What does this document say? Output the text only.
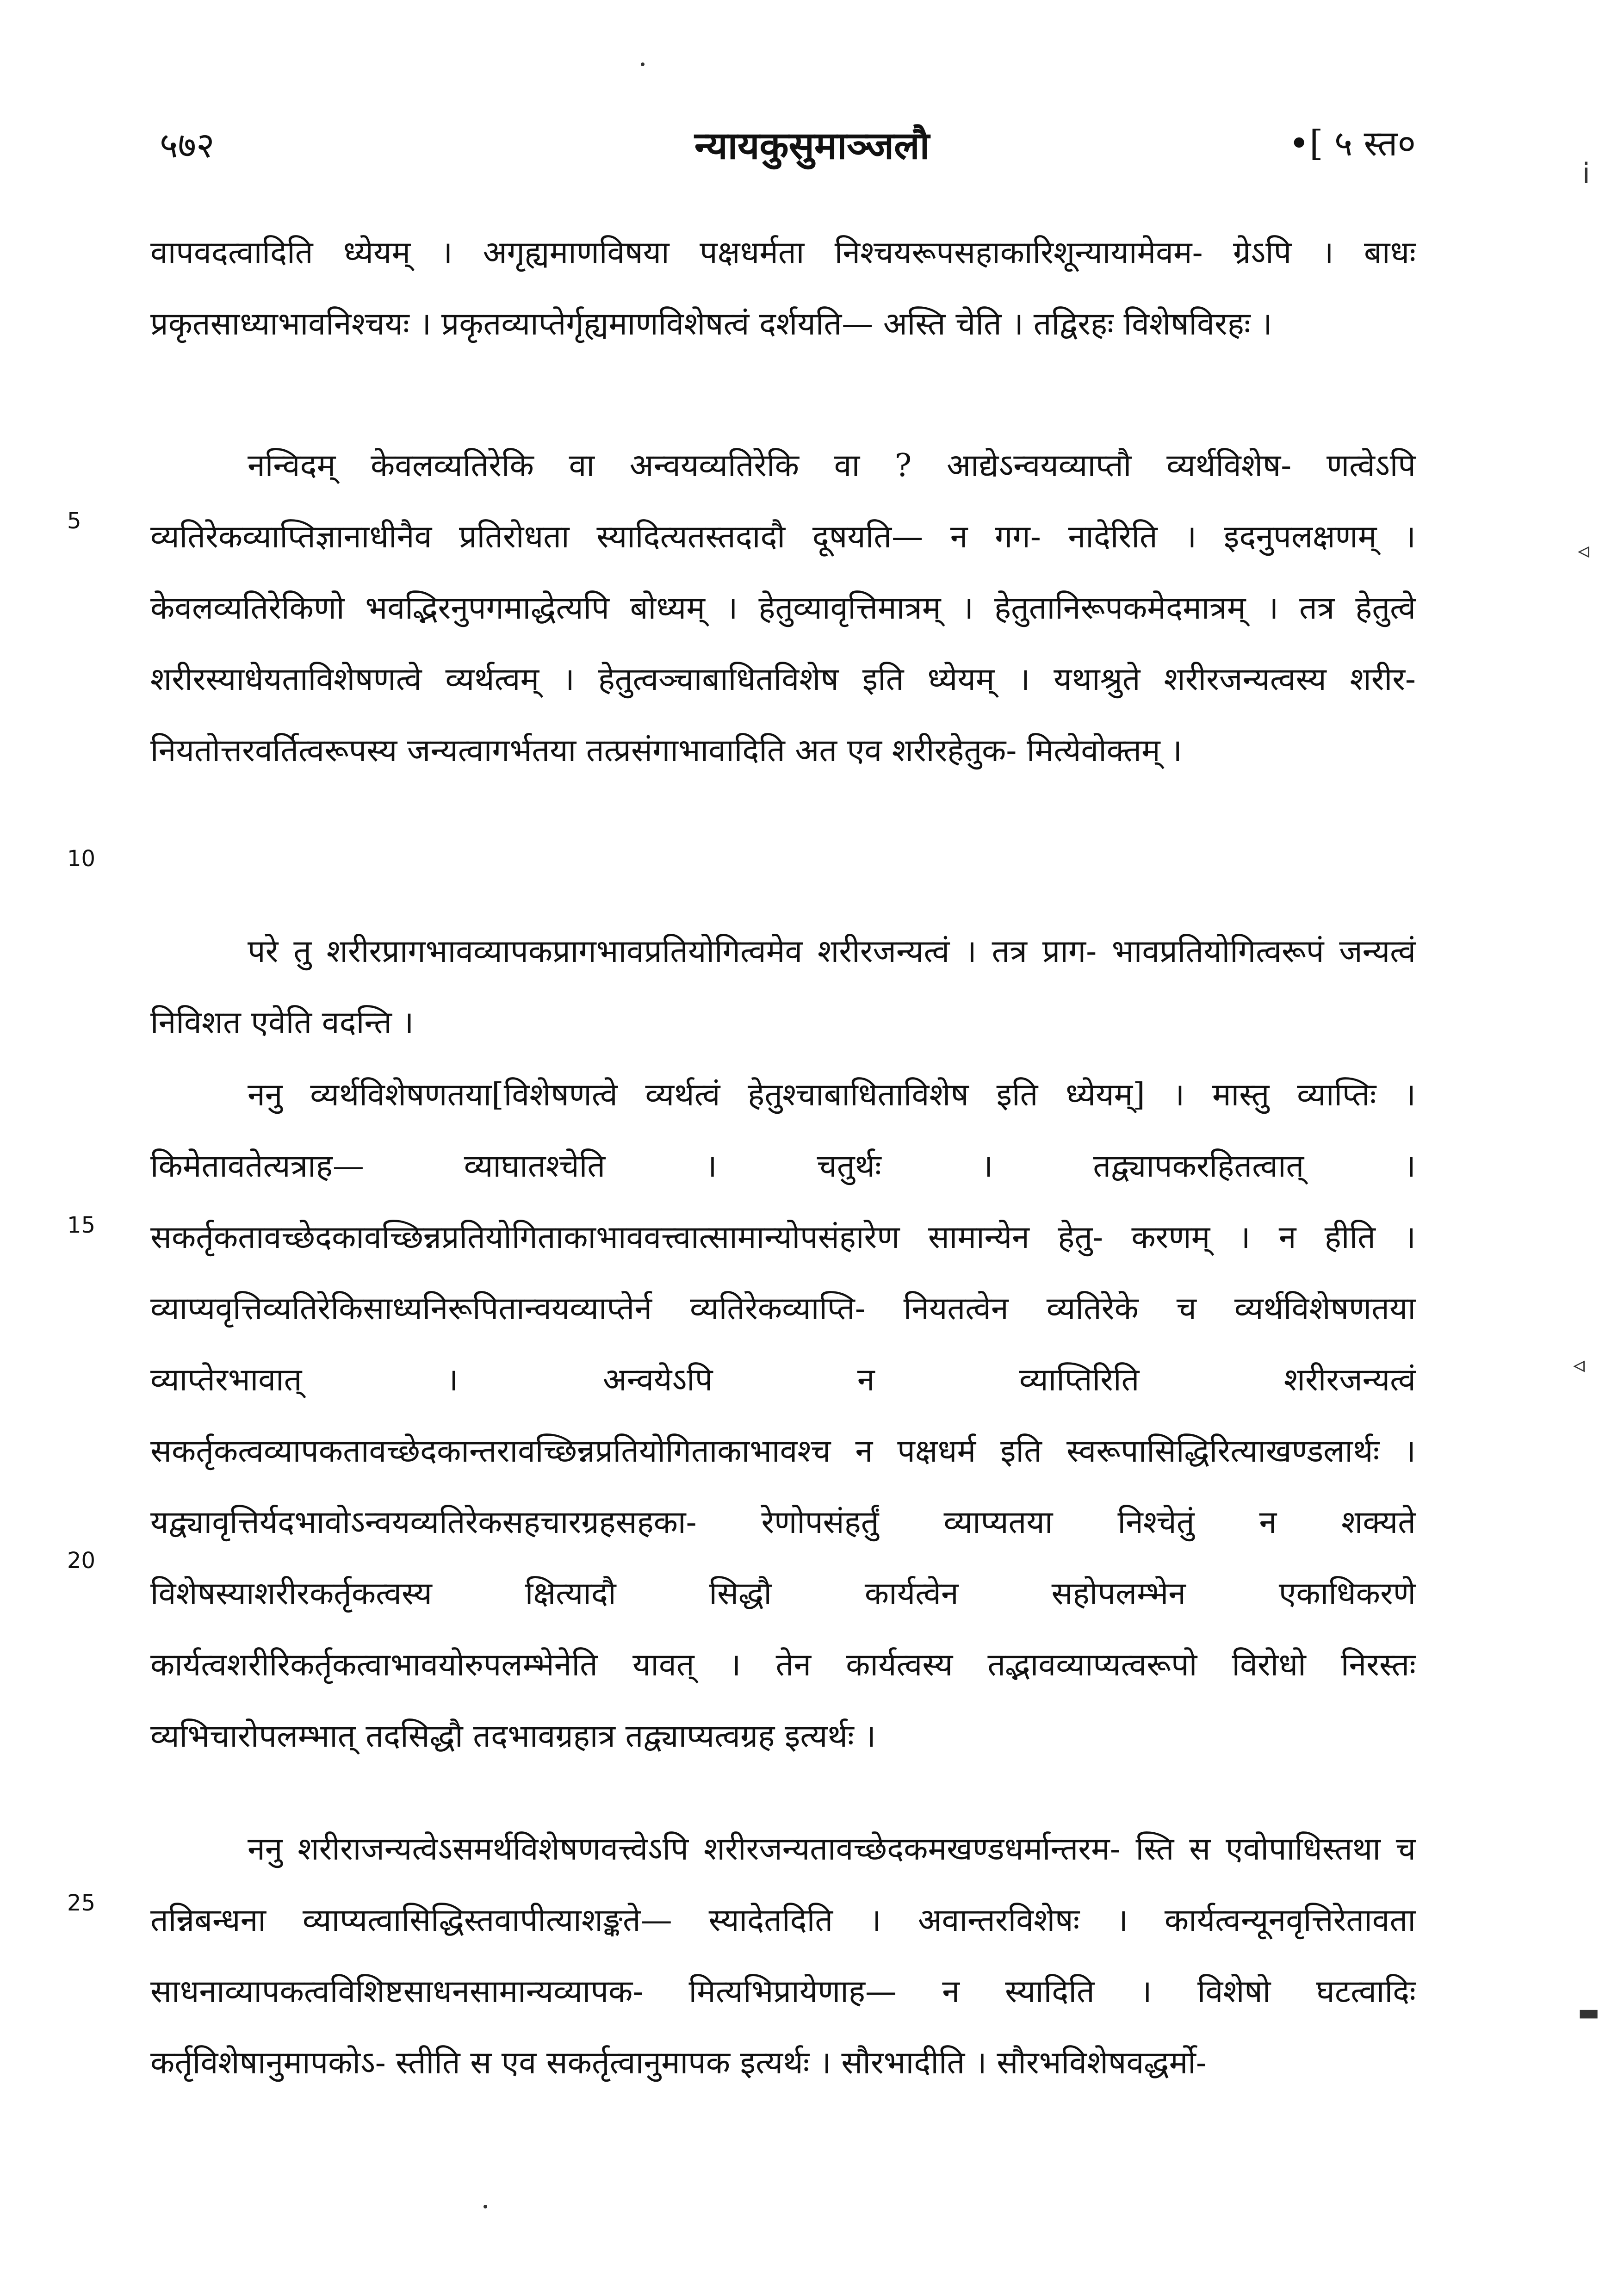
५७२	न्यायकुसुमाञ्जलौ	•[ ५ स्त०
वापवदत्वादिति ध्येयम् । अगृह्यमाणविषया पक्षधर्मता निश्चयरूपसहाकारिशून्यायामेवम- ग्रेऽपि । बाधः प्रकृतसाध्याभावनिश्चयः । प्रकृतव्याप्तेर्गृह्यमाणविशेषत्वं दर्शयति— अस्ति चेति । तद्विरहः विशेषविरहः ।
नन्विदम् केवलव्यतिरेकि वा अन्वयव्यतिरेकि वा ? आद्येऽन्वयव्याप्तौ व्यर्थविशेष- णत्वेऽपि व्यतिरेकव्याप्तिज्ञानाधीनैव प्रतिरोधता स्यादित्यतस्तदादौ दूषयति— न गग- नादेरिति । इदनुपलक्षणम् । केवलव्यतिरेकिणो भवद्भिरनुपगमाद्धेत्यपि बोध्यम् । हेतुव्यावृत्तिमात्रम् । हेतुतानिरूपकमेदमात्रम् । तत्र हेतुत्वे शरीरस्याधेयताविशेषणत्वे व्यर्थत्वम् । हेतुत्वञ्चाबाधितविशेष इति ध्येयम् । यथाश्रुते शरीरजन्यत्वस्य शरीर- नियतोत्तरवर्तित्वरूपस्य जन्यत्वागर्भतया तत्प्रसंगाभावादिति अत एव शरीरहेतुक- मित्येवोक्तम् ।
परे तु शरीरप्रागभावव्यापकप्रागभावप्रतियोगित्वमेव शरीरजन्यत्वं । तत्र प्राग- भावप्रतियोगित्वरूपं जन्यत्वं निविशत एवेति वदन्ति ।
ननु व्यर्थविशेषणतया[विशेषणत्वे व्यर्थत्वं हेतुश्चाबाधिताविशेष इति ध्येयम्] । मास्तु व्याप्तिः । किमेतावतेत्यत्राह— व्याघातश्चेति । चतुर्थः । तद्व्यापकरहितत्वात् । सकर्तृकतावच्छेदकावच्छिन्नप्रतियोगिताकाभाववत्त्वात्सामान्योपसंहारेण सामान्येन हेतु- करणम् । न हीति । व्याप्यवृत्तिव्यतिरेकिसाध्यनिरूपितान्वयव्याप्तेर्न व्यतिरेकव्याप्ति- नियतत्वेन व्यतिरेके च व्यर्थविशेषणतया व्याप्तेरभावात् । अन्वयेऽपि न व्याप्तिरिति शरीरजन्यत्वं सकर्तृकत्वव्यापकतावच्छेदकान्तरावच्छिन्नप्रतियोगिताकाभावश्च न पक्षधर्म इति स्वरूपासिद्धिरित्याखण्डलार्थः । यद्व्यावृत्तिर्यदभावोऽन्वयव्यतिरेकसहचारग्रहसहका- रेणोपसंहर्तुं व्याप्यतया निश्चेतुं न शक्यते विशेषस्याशरीरकर्तृकत्वस्य क्षित्यादौ सिद्धौ कार्यत्वेन सहोपलम्भेन एकाधिकरणे कार्यत्वशरीरिकर्तृकत्वाभावयोरुपलम्भेनेति यावत् । तेन कार्यत्वस्य तद्भावव्याप्यत्वरूपो विरोधो निरस्तः व्यभिचारोपलम्भात् तदसिद्धौ तदभावग्रहात्र तद्व्याप्यत्वग्रह इत्यर्थः ।
ननु शरीराजन्यत्वेऽसमर्थविशेषणवत्त्वेऽपि शरीरजन्यतावच्छेदकमखण्डधर्मान्तरम- स्ति स एवोपाधिस्तथा च तन्निबन्धना व्याप्यत्वासिद्धिस्तवापीत्याशङ्कते— स्यादेतदिति । अवान्तरविशेषः । कार्यत्वन्यूनवृत्तिरेतावता साधनाव्यापकत्वविशिष्टसाधनसामान्यव्यापक- मित्यभिप्रायेणाह— न स्यादिति । विशेषो घटत्वादिः कर्तृविशेषानुमापकोऽ- स्तीति स एव सकर्तृत्वानुमापक इत्यर्थः । सौरभादीति । सौरभविशेषवद्धर्मो-
5
10
15
20
25
ⅰ
◃
◃
▬
